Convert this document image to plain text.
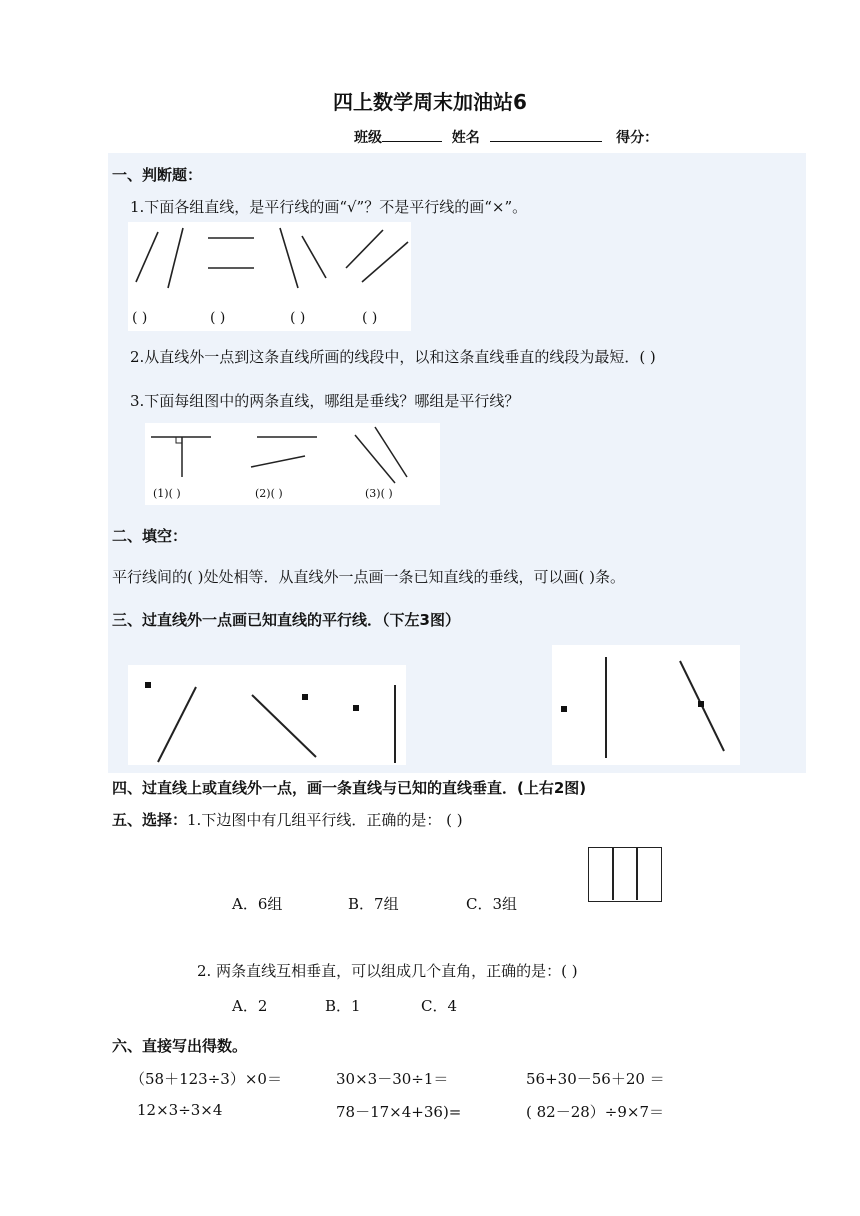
四上数学周末加油站6
班级	姓名	得分：
一、判断题：
1.下面各组直线，是平行线的画“√”？不是平行线的画“×”。
( )	( )	( )	( )
2.从直线外一点到这条直线所画的线段中，以和这条直线垂直的线段为最短．( )
3.下面每组图中的两条直线，哪组是垂线？哪组是平行线？
(1)( )	(2)( )	(3)( )
二、填空：
平行线间的( )处处相等．从直线外一点画一条已知直线的垂线，可以画( )条。
三、过直线外一点画已知直线的平行线．（下左3图）
四、过直线上或直线外一点，画一条直线与已知的直线垂直．(上右2图)
五、选择：1.下边图中有几组平行线．正确的是： ( )
A．6组	B．7组	C．3组
2. 两条直线互相垂直，可以组成几个直角，正确的是：( )
A．2	B．1	C．4
六、直接写出得数。
（58＋123÷3）×0＝	30×3－30÷1＝	56+30－56＋20 ＝
12×3÷3×4	78－17×4+36)=	( 82－28）÷9×7＝
